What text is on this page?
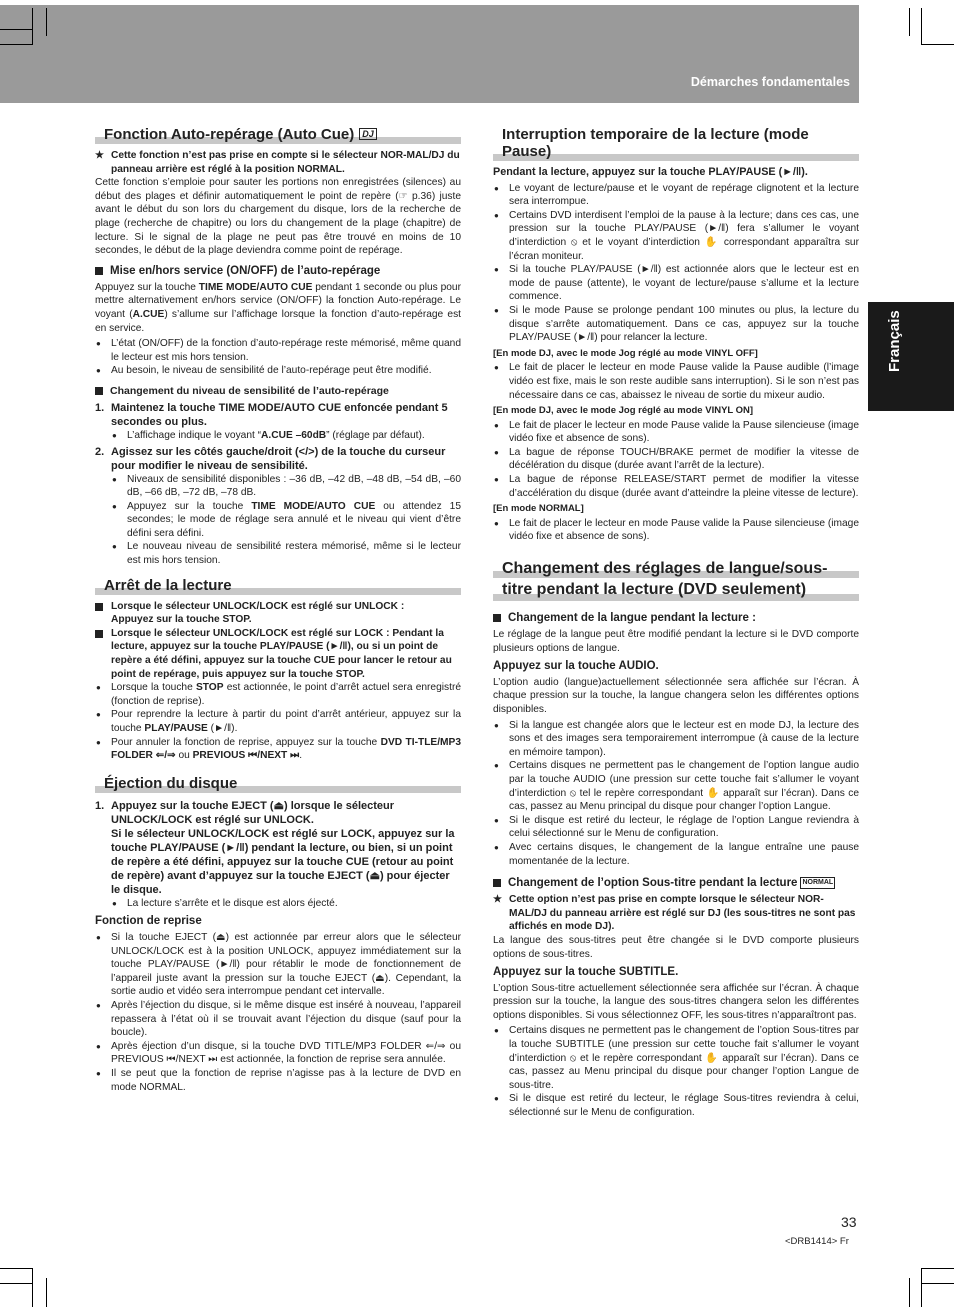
Démarches fondamentales
Français
Fonction Auto-repérage (Auto Cue) DJ
★ Cette fonction n’est pas prise en compte si le sélecteur NOR-MAL/DJ du panneau arrière est réglé à la position NORMAL.

Cette fonction s’emploie pour sauter les portions non enregistrées (silences) au début des plages et définir automatiquement le point de repère (☞ p.36) juste avant le début du son lors du chargement du disque, lors de la recherche de plage (recherche de chapitre) ou lors du changement de la plage (chapitre) de lecture. Si le signal de la plage ne peut pas être trouvé en moins de 10 secondes, le début de la plage deviendra comme point de repérage.

Mise en/hors service (ON/OFF) de l’auto-repérage

Appuyez sur la touche TIME MODE/AUTO CUE pendant 1 seconde ou plus pour mettre alternativement en/hors service (ON/OFF) la fonction Auto-repérage. Le voyant (A.CUE) s’allume sur l’affichage lorsque la fonction d’auto-repérage est en service.

● L’état (ON/OFF) de la fonction d’auto-repérage reste mémorisé, même quand le lecteur est mis hors tension.
● Au besoin, le niveau de sensibilité de l’auto-repérage peut être modifié.
Changement du niveau de sensibilité de l’auto-repérage
1. Maintenez la touche TIME MODE/AUTO CUE enfoncée pendant 5 secondes ou plus.
● L’affichage indique le voyant “A.CUE –60dB” (réglage par défaut).
2. Agissez sur les côtés gauche/droit (</>) de la touche du curseur pour modifier le niveau de sensibilité.
● Niveaux de sensibilité disponibles : –36 dB, –42 dB, –48 dB, –54 dB, –60 dB, –66 dB, –72 dB, –78 dB.
● Appuyez sur la touche TIME MODE/AUTO CUE ou attendez 15 secondes; le mode de réglage sera annulé et le niveau qui vient d’être défini sera défini.
● Le nouveau niveau de sensibilité restera mémorisé, même si le lecteur est mis hors tension.
Arrêt de la lecture
Lorsque le sélecteur UNLOCK/LOCK est réglé sur UNLOCK :
Appuyez sur la touche STOP.
Lorsque le sélecteur UNLOCK/LOCK est réglé sur LOCK : Pendant la lecture, appuyez sur la touche PLAY/PAUSE (►/ǁ), ou si un point de repère a été défini, appuyez sur la touche CUE pour lancer le retour au point de repérage, puis appuyez sur la touche STOP.
● Lorsque la touche STOP est actionnée, le point d’arrêt actuel sera enregistré (fonction de reprise).
● Pour reprendre la lecture à partir du point d’arrêt antérieur, appuyez sur la touche PLAY/PAUSE (►/ǁ).
● Pour annuler la fonction de reprise, appuyez sur la touche DVD TI-TLE/MP3 FOLDER ⇐/⇒ ou PREVIOUS ⏮/NEXT ⏭.
Éjection du disque
1. Appuyez sur la touche EJECT (⏏) lorsque le sélecteur UNLOCK/LOCK est réglé sur UNLOCK.
Si le sélecteur UNLOCK/LOCK est réglé sur LOCK, appuyez sur la touche PLAY/PAUSE (►/ǁ) pendant la lecture, ou bien, si un point de repère a été défini, appuyez sur la touche CUE (retour au point de repère) avant d’appuyez sur la touche EJECT (⏏) pour éjecter le disque.
● La lecture s’arrête et le disque est alors éjecté.
Fonction de reprise
● Si la touche EJECT (⏏) est actionnée par erreur alors que le sélecteur UNLOCK/LOCK est à la position UNLOCK, appuyez immédiatement sur la touche PLAY/PAUSE (►/ǁ) pour rétablir le mode de fonctionnement de l’appareil juste avant la pression sur la touche EJECT (⏏). Cependant, la sortie audio et vidéo sera interrompue pendant cet intervalle.
● Après l’éjection du disque, si le même disque est inséré à nouveau, l’appareil repassera à l’état où il se trouvait avant l’éjection du disque (sauf pour la boucle).
● Après éjection d’un disque, si la touche DVD TITLE/MP3 FOLDER ⇐/⇒ ou PREVIOUS ⏮/NEXT ⏭ est actionnée, la fonction de reprise sera annulée.
● Il se peut que la fonction de reprise n’agisse pas à la lecture de DVD en mode NORMAL.
Interruption temporaire de la lecture (mode Pause)

Pendant la lecture, appuyez sur la touche PLAY/PAUSE (►/ǁ).

● Le voyant de lecture/pause et le voyant de repérage clignotent et la lecture sera interrompue.
● Certains DVD interdisent l’emploi de la pause à la lecture; dans ces cas, une pression sur la touche PLAY/PAUSE (►/ǁ) fera s’allumer le voyant d’interdiction ⦸ et le voyant d’interdiction ✋ correspondant apparaîtra sur l’écran moniteur.
● Si la touche PLAY/PAUSE (►/ǁ) est actionnée alors que le lecteur est en mode de pause (attente), le voyant de lecture/pause s’allume et la lecture commence.
● Si le mode Pause se prolonge pendant 100 minutes ou plus, la lecture du disque s’arrête automatiquement. Dans ce cas, appuyez sur la touche PLAY/PAUSE (►/ǁ) pour relancer la lecture.
[En mode DJ, avec le mode Jog réglé au mode VINYL OFF]
● Le fait de placer le lecteur en mode Pause valide la Pause audible (l’image vidéo est fixe, mais le son reste audible sans interruption). Si le son n’est pas nécessaire dans ce cas, abaissez le niveau de sortie du mixeur audio.
[En mode DJ, avec le mode Jog réglé au mode VINYL ON]
● Le fait de placer le lecteur en mode Pause valide la Pause silencieuse (image vidéo fixe et absence de sons).
● La bague de réponse TOUCH/BRAKE permet de modifier la vitesse de décélération du disque (durée avant l’arrêt de la lecture).
● La bague de réponse RELEASE/START permet de modifier la vitesse d’accélération du disque (durée avant d’atteindre la pleine vitesse de lecture).
[En mode NORMAL]
● Le fait de placer le lecteur en mode Pause valide la Pause silencieuse (image vidéo fixe et absence de sons).
Changement des réglages de langue/sous-
titre pendant la lecture (DVD seulement)
Changement de la langue pendant la lecture :

Le réglage de la langue peut être modifié pendant la lecture si le DVD comporte plusieurs options de langue.

Appuyez sur la touche AUDIO.

L’option audio (langue)actuellement sélectionnée sera affichée sur l’écran. À chaque pression sur la touche, la langue changera selon les différentes options disponibles.

● Si la langue est changée alors que le lecteur est en mode DJ, la lecture des sons et des images sera temporairement interrompue (à cause de la lecture en mémoire tampon).
● Certains disques ne permettent pas le changement de l’option langue audio par la touche AUDIO (une pression sur cette touche fait s’allumer le voyant d’interdiction ⦸ tel le repère correspondant ✋ apparaît sur l’écran). Dans ce cas, passez au Menu principal du disque pour changer l’option Langue.
● Si le disque est retiré du lecteur, le réglage de l’option Langue reviendra à celui sélectionné sur le Menu de configuration.
● Avec certains disques, le changement de la langue entraîne une pause momentanée de la lecture.
Changement de l’option Sous-titre pendant la lecture NORMAL
★ Cette option n’est pas prise en compte lorsque le sélecteur NOR-MAL/DJ du panneau arrière est réglé sur DJ (les sous-titres ne sont pas affichés en mode DJ).

La langue des sous-titres peut être changée si le DVD comporte plusieurs options de sous-titres.

Appuyez sur la touche SUBTITLE.

L’option Sous-titre actuellement sélectionnée sera affichée sur l’écran. À chaque pression sur la touche, la langue des sous-titres changera selon les différentes options disponibles. Si vous sélectionnez OFF, les sous-titres n’apparaîtront pas.

● Certains disques ne permettent pas le changement de l’option Sous-titres par la touche SUBTITLE (une pression sur cette touche fait s’allumer le voyant d’interdiction ⦸ et le repère correspondant ✋ apparaît sur l’écran). Dans ce cas, passez au Menu principal du disque pour changer l’option Langue de sous-titre.
● Si le disque est retiré du lecteur, le réglage Sous-titres reviendra à celui, sélectionné sur le Menu de configuration.
33
<DRB1414> Fr
